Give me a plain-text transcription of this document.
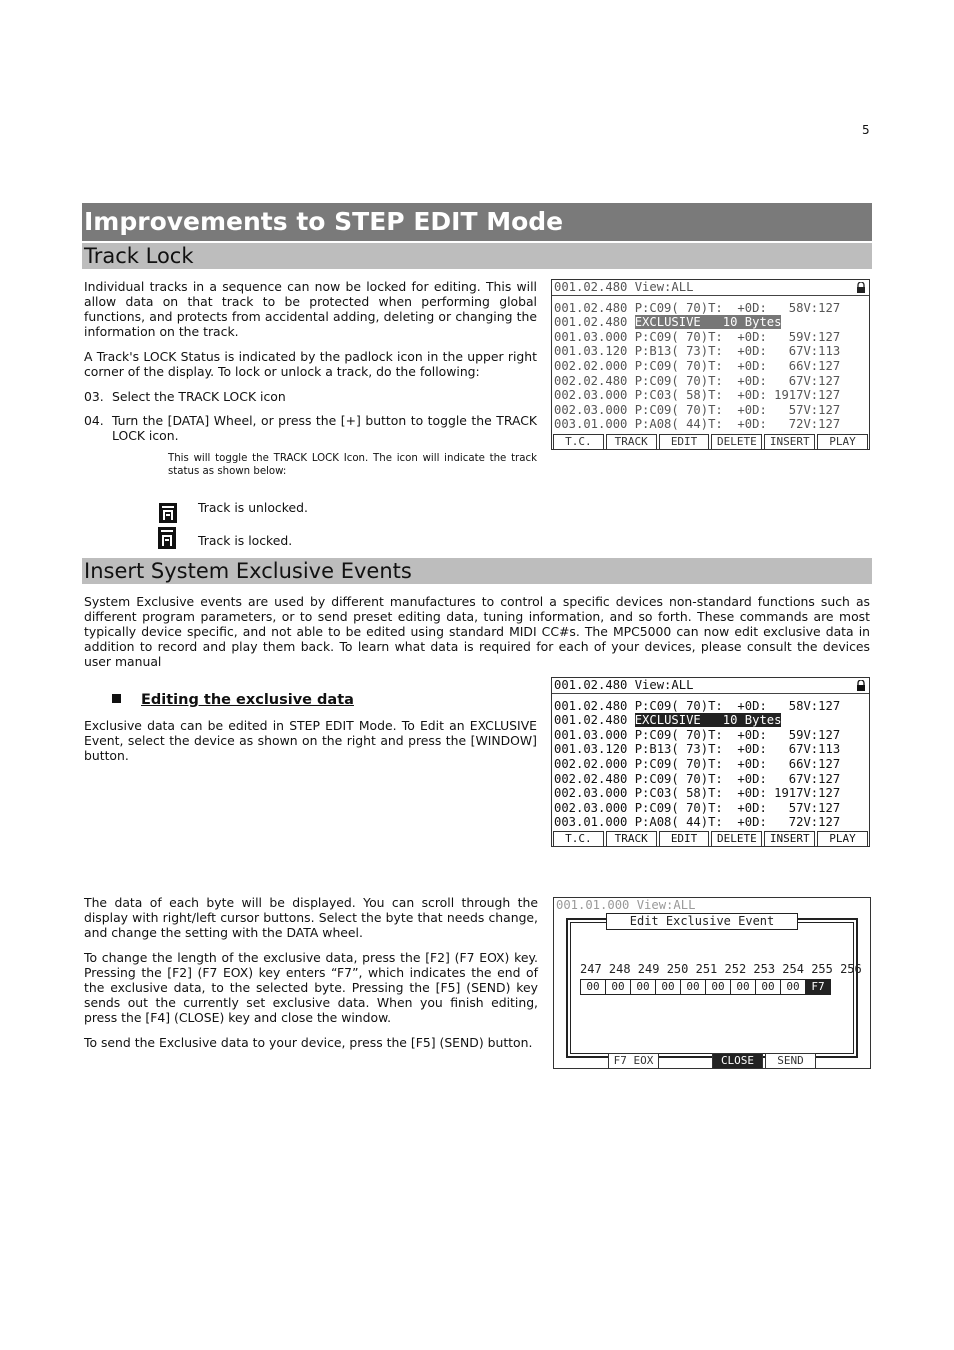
5
Improvements to STEP EDIT Mode
Track Lock

Individual tracks in a sequence can now be locked for editing. This will allow data on that track to be protected when performing global functions, and protects from accidental adding, deleting or changing the information on the track.

A Track's LOCK Status is indicated by the padlock icon in the upper right corner of the display. To lock or unlock a track, do the following:

03. Select the TRACK LOCK icon
04. Turn the [DATA] Wheel, or press the [+] button to toggle the TRACK LOCK icon.
This will toggle the TRACK LOCK Icon. The icon will indicate the track status as shown below:
Track is unlocked.
Track is locked.
001.02.480 View:ALL
001.02.480 P:C09( 70)T:  +0D:   58V:127
001.02.480 EXCLUSIVE   10 Bytes
001.03.000 P:C09( 70)T:  +0D:   59V:127
001.03.120 P:B13( 73)T:  +0D:   67V:113
002.02.000 P:C09( 70)T:  +0D:   66V:127
002.02.480 P:C09( 70)T:  +0D:   67V:127
002.03.000 P:C03( 58)T:  +0D: 1917V:127
002.03.000 P:C09( 70)T:  +0D:   57V:127
003.01.000 P:A08( 44)T:  +0D:   72V:127
T.C.	TRACK	EDIT	DELETE	INSERT	PLAY
Insert System Exclusive Events

System Exclusive events are used by different manufactures to control a specific devices non-standard functions such as different program parameters, or to send preset editing data, tuning information, and so forth. These commands are most typically device specific, and not able to be edited using standard MIDI CC#s. The MPC5000 can now edit exclusive data in addition to record and play them back. To learn what data is required for each of your devices, please consult the devices user manual

Editing the exclusive data

Exclusive data can be edited in STEP EDIT Mode. To Edit an EXCLUSIVE Event, select the device as shown on the right and press the [WINDOW] button.

001.02.480 View:ALL
001.02.480 P:C09( 70)T:  +0D:   58V:127
001.02.480 EXCLUSIVE   10 Bytes
001.03.000 P:C09( 70)T:  +0D:   59V:127
001.03.120 P:B13( 73)T:  +0D:   67V:113
002.02.000 P:C09( 70)T:  +0D:   66V:127
002.02.480 P:C09( 70)T:  +0D:   67V:127
002.03.000 P:C03( 58)T:  +0D: 1917V:127
002.03.000 P:C09( 70)T:  +0D:   57V:127
003.01.000 P:A08( 44)T:  +0D:   72V:127
T.C.	TRACK	EDIT	DELETE	INSERT	PLAY

The data of each byte will be displayed. You can scroll through the display with right/left cursor buttons. Select the byte that needs change, and change the setting with the DATA wheel.

To change the length of the exclusive data, press the [F2] (F7 EOX) key. Pressing the [F2] (F7 EOX) key enters “F7”, which indicates the end of the exclusive data, to the selected byte. Pressing the [F5] (SEND) key sends out the currently set exclusive data. When you finish editing, press the [F4] (CLOSE) key and close the window.

To send the Exclusive data to your device, press the [F5] (SEND) button.

001.01.000 View:ALL
Edit Exclusive Event
247 248 249 250 251 252 253 254 255 256
00	00	00	00	00	00	00	00	00	F7
F7 EOX	CLOSE	SEND
